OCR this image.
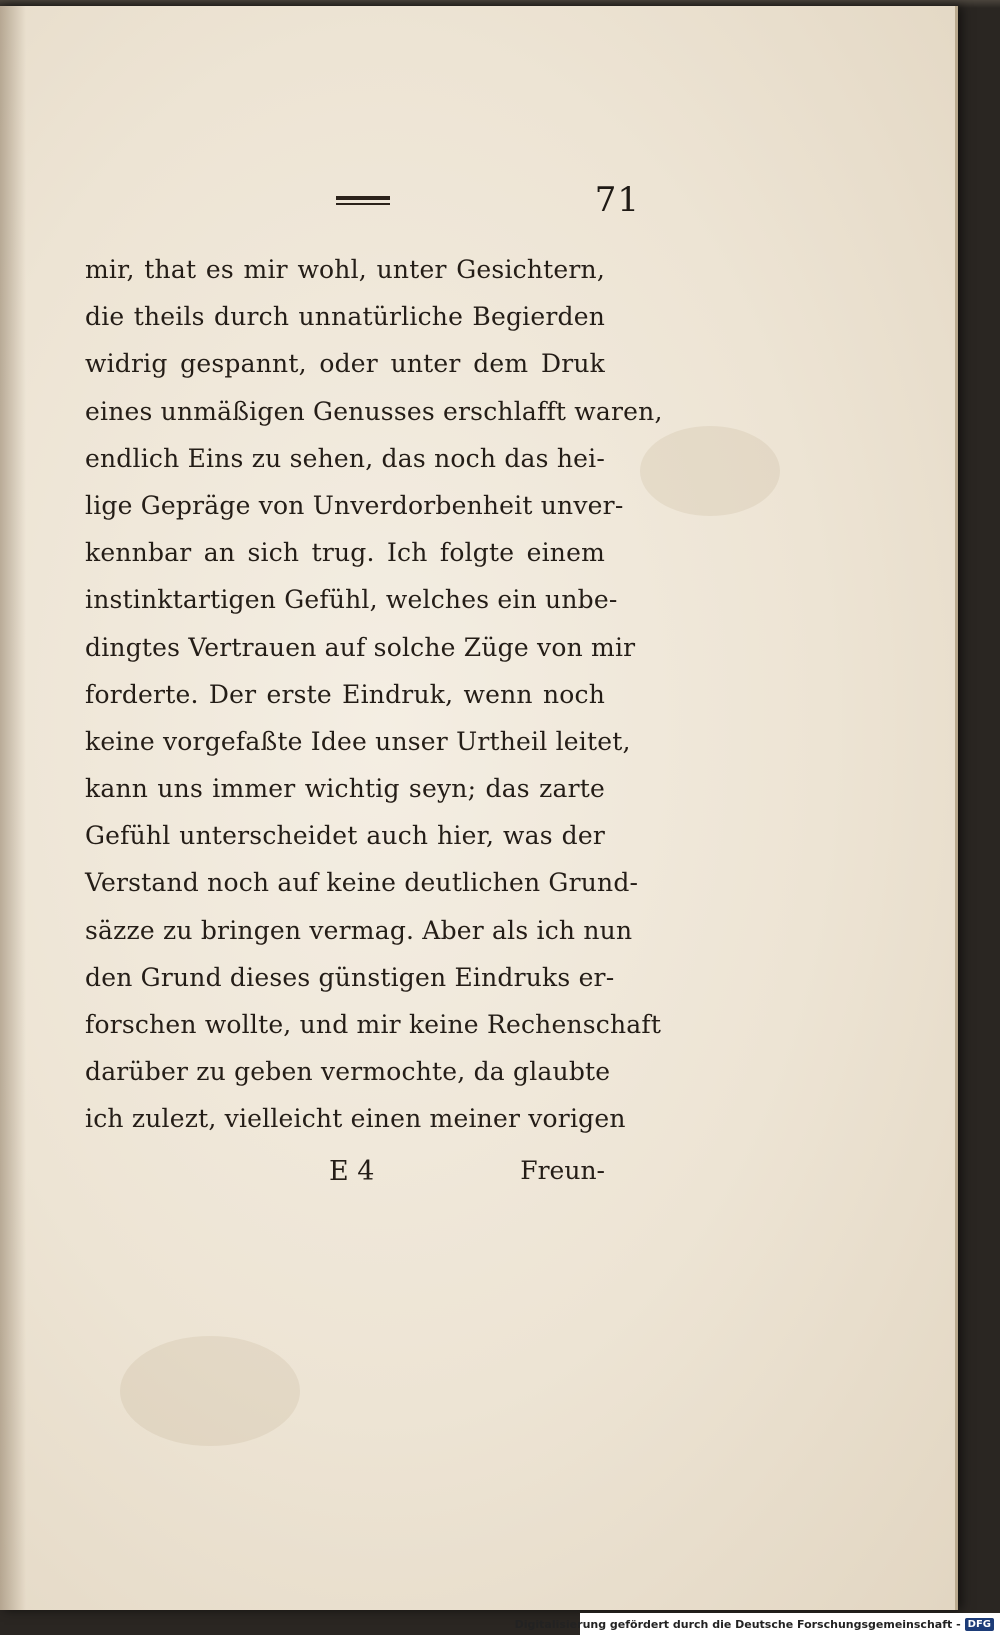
71
mir, that es mir wohl, unter Gesichtern,
die theils durch unnatürliche Begierden
widrig gespannt, oder unter dem Druk
eines unmäßigen Genusses erschlafft waren,
endlich Eins zu sehen, das noch das hei-
lige Gepräge von Unverdorbenheit unver-
kennbar an sich trug. Ich folgte einem
instinktartigen Gefühl, welches ein unbe-
dingtes Vertrauen auf solche Züge von mir
forderte. Der erste Eindruk, wenn noch
keine vorgefaßte Idee unser Urtheil leitet,
kann uns immer wichtig seyn; das zarte
Gefühl unterscheidet auch hier, was der
Verstand noch auf keine deutlichen Grund-
säzze zu bringen vermag. Aber als ich nun
den Grund dieses günstigen Eindruks er-
forschen wollte, und mir keine Rechenschaft
darüber zu geben vermochte, da glaubte
ich zulezt, vielleicht einen meiner vorigen
E 4	Freun-
Digitalisierung gefördert durch die Deutsche Forschungsgemeinschaft - DFG
